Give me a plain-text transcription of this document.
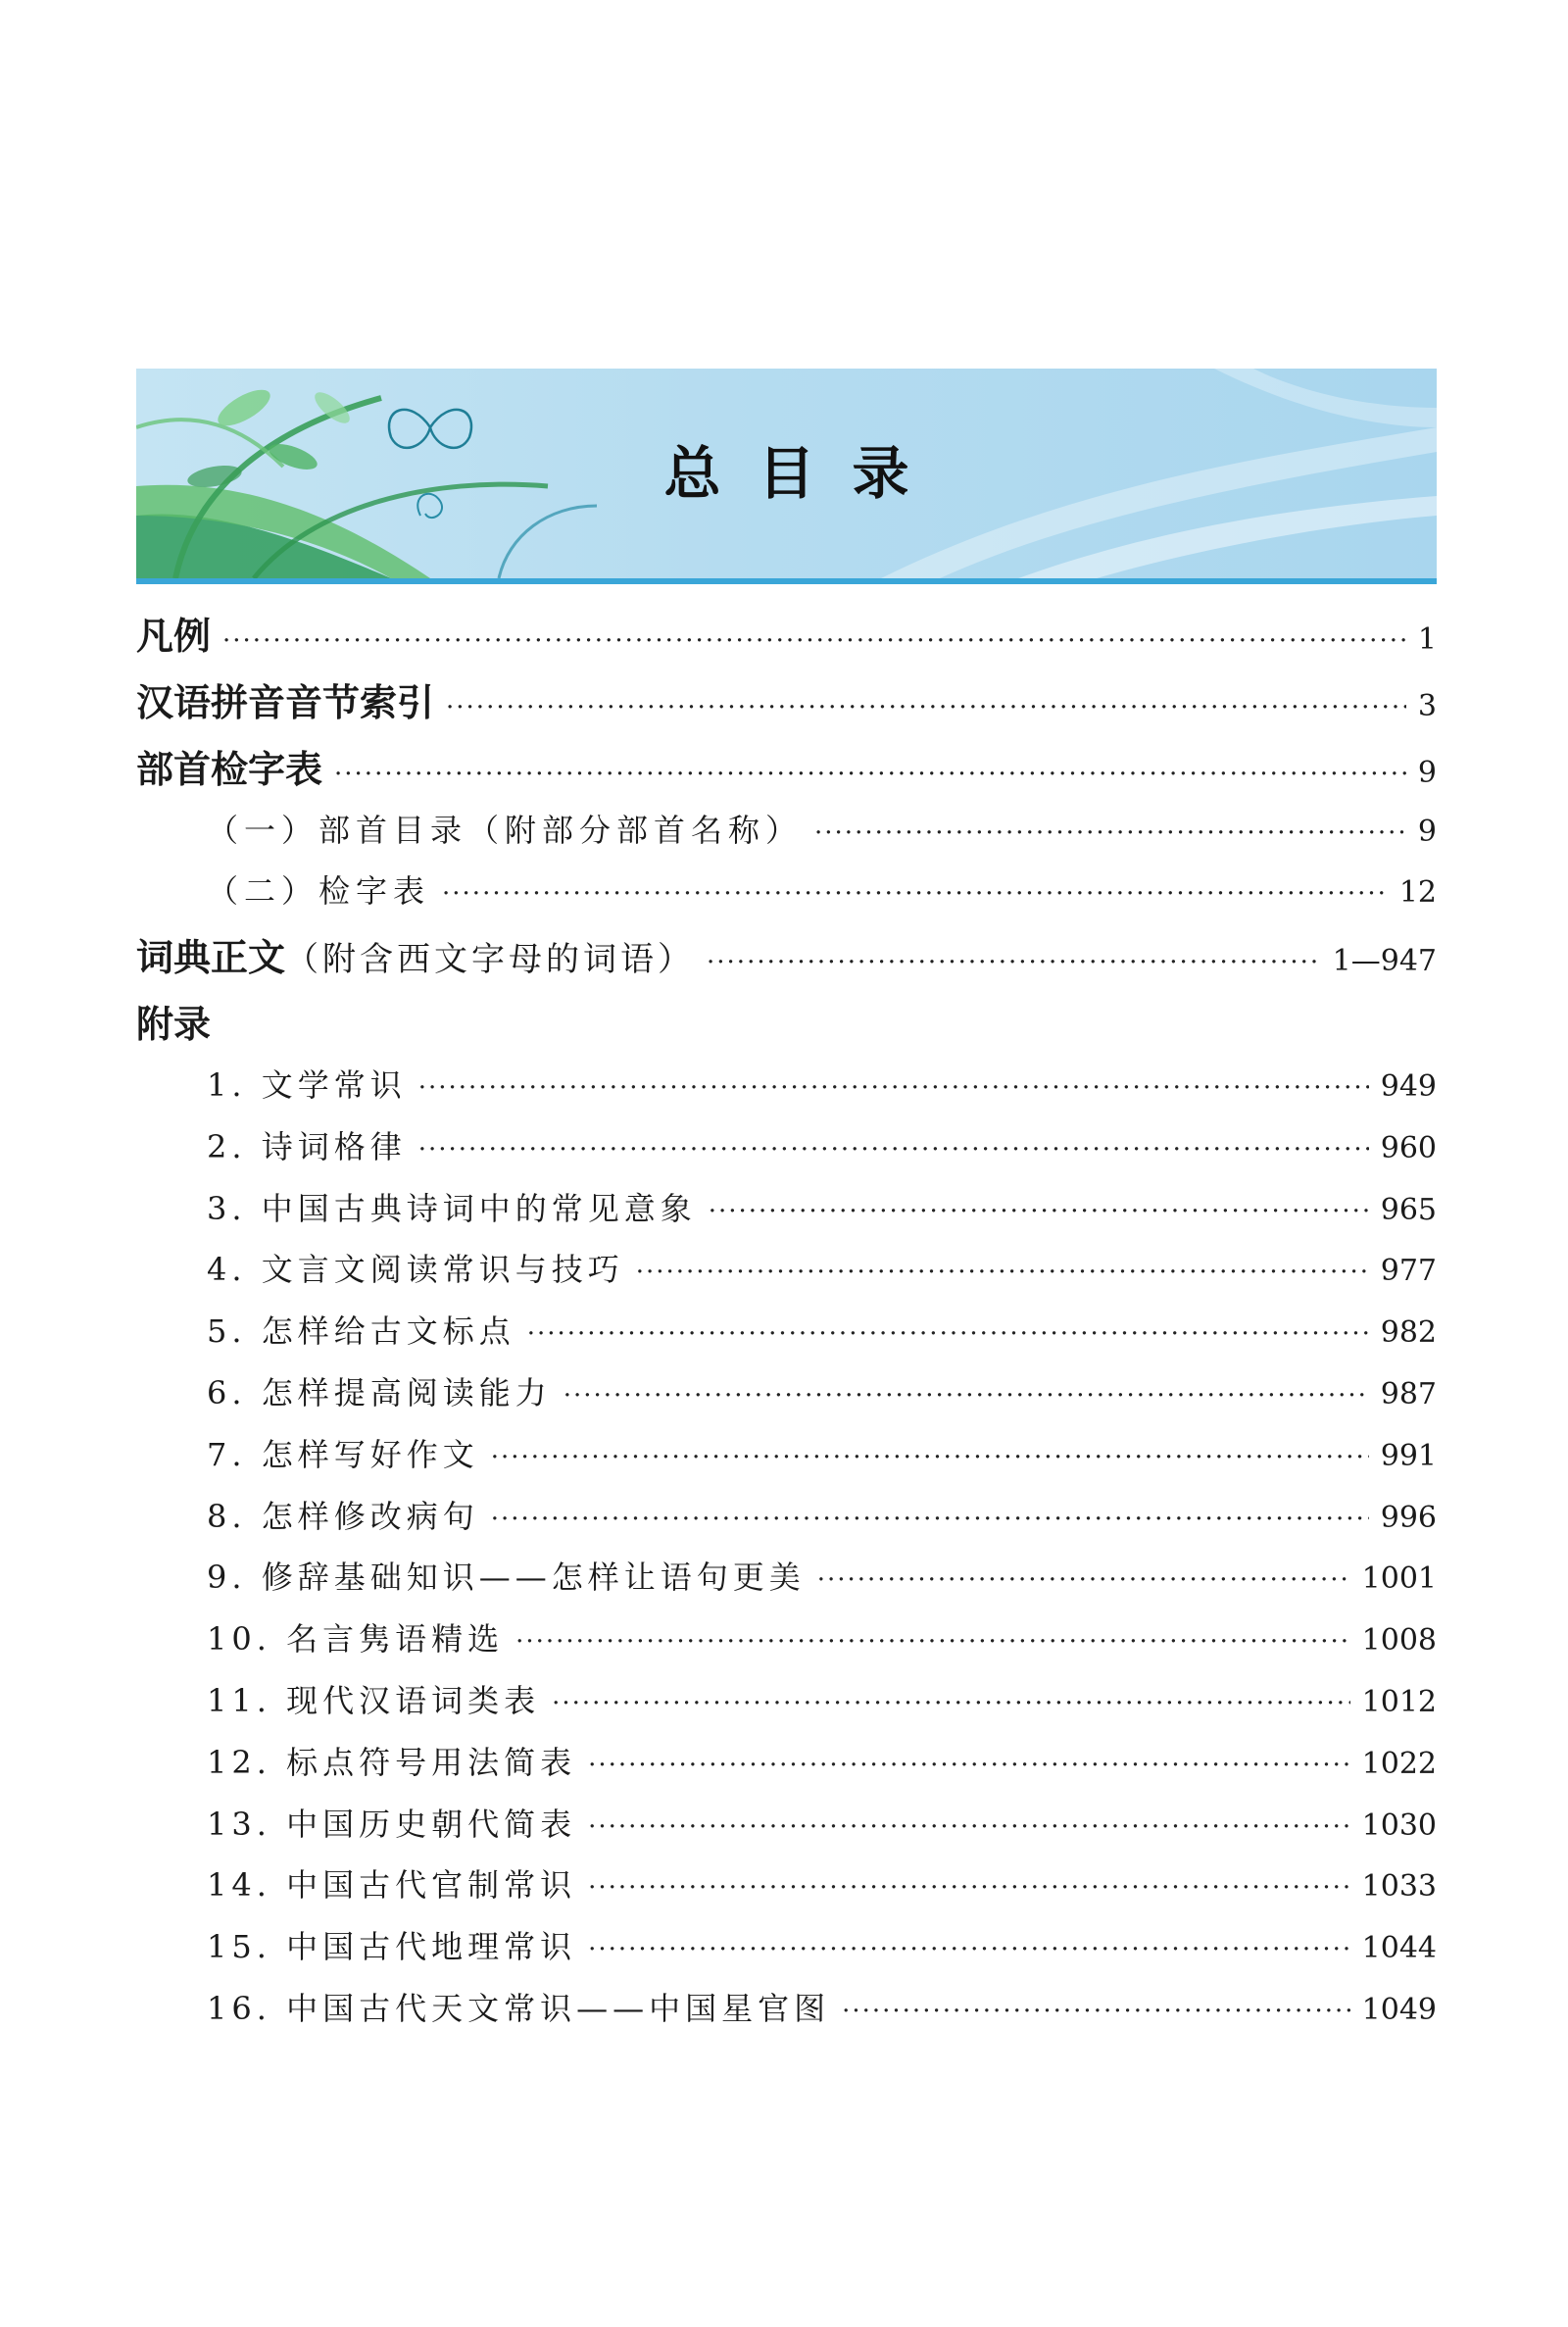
总目录
凡例 ·····	1
汉语拼音音节索引 ·····	3
部首检字表 ·····	9
（一）部首目录（附部分部首名称） ·····	9
（二）检字表 ·····	12
词典正文（附含西文字母的词语） ·····	1—947
附录
1. 文学常识 ·····	949
2. 诗词格律 ·····	960
3. 中国古典诗词中的常见意象 ·····	965
4. 文言文阅读常识与技巧 ·····	977
5. 怎样给古文标点 ·····	982
6. 怎样提高阅读能力 ·····	987
7. 怎样写好作文 ·····	991
8. 怎样修改病句 ·····	996
9. 修辞基础知识——怎样让语句更美 ·····	1001
10. 名言隽语精选 ·····	1008
11. 现代汉语词类表 ·····	1012
12. 标点符号用法简表 ·····	1022
13. 中国历史朝代简表 ·····	1030
14. 中国古代官制常识 ·····	1033
15. 中国古代地理常识 ·····	1044
16. 中国古代天文常识——中国星官图 ·····	1049
